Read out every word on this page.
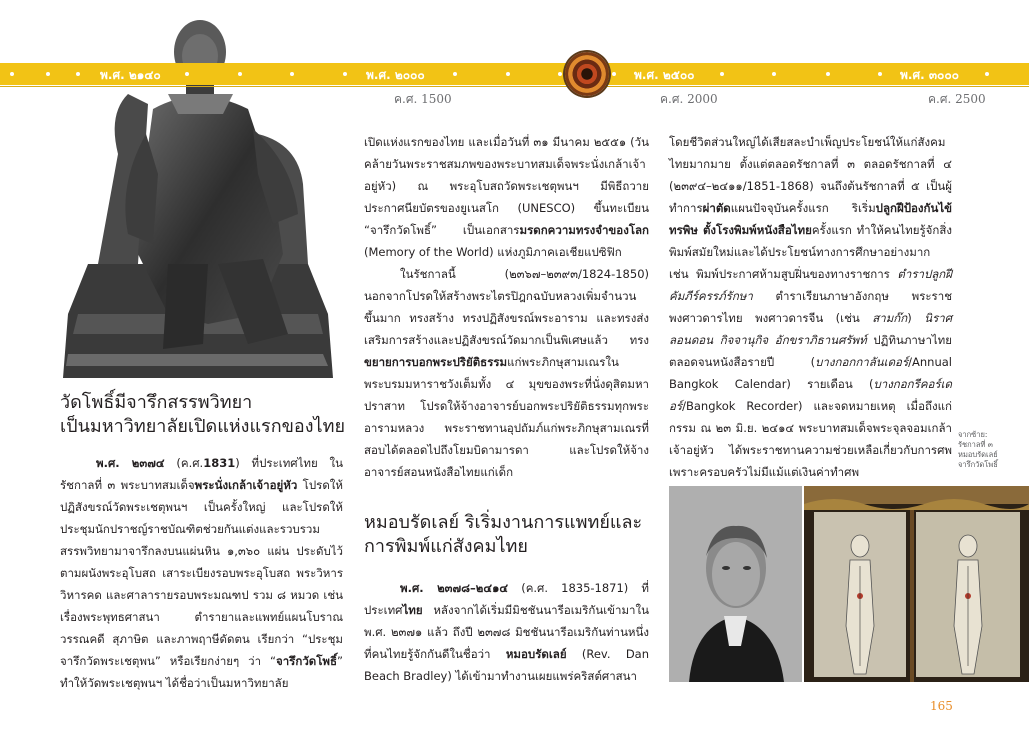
พ.ศ. ๒๑๔๐	พ.ศ. ๒๐๐๐	พ.ศ. ๒๕๐๐	พ.ศ. ๓๐๐๐
ค.ศ. 1500	ค.ศ. 2000	ค.ศ. 2500
วัดโพธิ์มีจารึกสรรพวิทยา
เป็นมหาวิทยาลัยเปิดแห่งแรกของไทย

พ.ศ. ๒๓๗๔ (ค.ศ.1831) ที่ประเทศไทย ในรัชกาลที่ ๓ พระบาทสมเด็จพระนั่งเกล้าเจ้าอยู่หัว โปรดให้ปฏิสังขรณ์วัดพระเชตุพนฯ เป็นครั้งใหญ่ และโปรดให้ประชุมนักปราชญ์ราชบัณฑิตช่วยกันแต่งและรวบรวมสรรพวิทยามาจารึกลงบนแผ่นหิน ๑,๓๖๐ แผ่น ประดับไว้ตามผนังพระอุโบสถ เสาระเบียงรอบพระอุโบสถ พระวิหาร วิหารคด และศาลารายรอบพระมณฑป รวม ๘ หมวด เช่น เรื่องพระพุทธศาสนา ตำรายาและแพทย์แผนโบราณ วรรณคดี สุภาษิต และภาพฤาษีดัดตน เรียกว่า “ประชุมจารึกวัดพระเชตุพน” หรือเรียกง่ายๆ ว่า “จารึกวัดโพธิ์” ทำให้วัดพระเชตุพนฯ ได้ชื่อว่าเป็นมหาวิทยาลัย

เปิดแห่งแรกของไทย และเมื่อวันที่ ๓๑ มีนาคม ๒๕๕๑ (วันคล้ายวันพระราชสมภพของพระบาทสมเด็จพระนั่งเกล้าเจ้าอยู่หัว) ณ พระอุโบสถวัดพระเชตุพนฯ มีพิธีถวายประกาศนียบัตรของยูเนสโก (UNESCO) ขึ้นทะเบียน “จารึกวัดโพธิ์” เป็นเอกสารมรดกความทรงจำของโลก (Memory of the World) แห่งภูมิภาคเอเชียแปซิฟิก

ในรัชกาลนี้ (๒๓๖๗–๒๓๙๓/1824-1850) นอกจากโปรดให้สร้างพระไตรปิฎกฉบับหลวงเพิ่มจำนวนขึ้นมาก ทรงสร้าง ทรงปฏิสังขรณ์พระอาราม และทรงส่งเสริมการสร้างและปฏิสังขรณ์วัดมากเป็นพิเศษแล้ว ทรงขยายการบอกพระปริยัติธรรมแก่พระภิกษุสามเณรในพระบรมมหาราชวังเต็มทั้ง ๔ มุขของพระที่นั่งดุสิตมหาปราสาท โปรดให้จ้างอาจารย์บอกพระปริยัติธรรมทุกพระอารามหลวง พระราชทานอุปถัมภ์แก่พระภิกษุสามเณรที่สอบได้ตลอดไปถึงโยมบิดามารดา และโปรดให้จ้างอาจารย์สอนหนังสือไทยแก่เด็ก

หมอบรัดเลย์ ริเริ่มงานการแพทย์และ
การพิมพ์แก่สังคมไทย

พ.ศ. ๒๓๗๘–๒๔๑๔ (ค.ศ. 1835-1871) ที่ประเทศไทย หลังจากได้เริ่มมีมิชชันนารีอเมริกันเข้ามาใน พ.ศ. ๒๓๗๑ แล้ว ถึงปี ๒๓๗๘ มิชชันนารีอเมริกันท่านหนึ่งที่คนไทยรู้จักกันดีในชื่อว่า หมอบรัดเลย์ (Rev. Dan Beach Bradley) ได้เข้ามาทำงานเผยแพร่คริสต์ศาสนา

โดยชีวิตส่วนใหญ่ได้เสียสละบำเพ็ญประโยชน์ให้แก่สังคมไทยมากมาย ตั้งแต่ตลอดรัชกาลที่ ๓ ตลอดรัชกาลที่ ๔ (๒๓๙๔–๒๔๑๑/1851-1868) จนถึงต้นรัชกาลที่ ๕ เป็นผู้ทำการผ่าตัดแผนปัจจุบันครั้งแรก ริเริ่มปลูกฝีป้องกันไข้ทรพิษ ตั้งโรงพิมพ์หนังสือไทยครั้งแรก ทำให้คนไทยรู้จักสิ่งพิมพ์สมัยใหม่และได้ประโยชน์ทางการศึกษาอย่างมาก เช่น พิมพ์ประกาศห้ามสูบฝิ่นของทางราชการ ตำราปลูกฝี คัมภีร์ครรภ์รักษา ตำราเรียนภาษาอังกฤษ พระราชพงศาวดารไทย พงศาวดารจีน (เช่น สามก๊ก) นิราศลอนดอน กิจจานุกิจ อักขราภิธานศรัพท์ ปฏิทินภาษาไทยตลอดจนหนังสือรายปี (บางกอกกาลันเดอร์/Annual Bangkok Calendar) รายเดือน (บางกอกรีคอร์เดอร์/Bangkok Recorder) และจดหมายเหตุ เมื่อถึงแก่กรรม ณ ๒๓ มิ.ย. ๒๔๑๔ พระบาทสมเด็จพระจุลจอมเกล้าเจ้าอยู่หัว ได้พระราชทานความช่วยเหลือเกี่ยวกับการศพ เพราะครอบครัวไม่มีแม้แต่เงินค่าทำศพ

จากซ้าย:
รัชกาลที่ ๓
หมอบรัดเลย์
จารึกวัดโพธิ์
165
